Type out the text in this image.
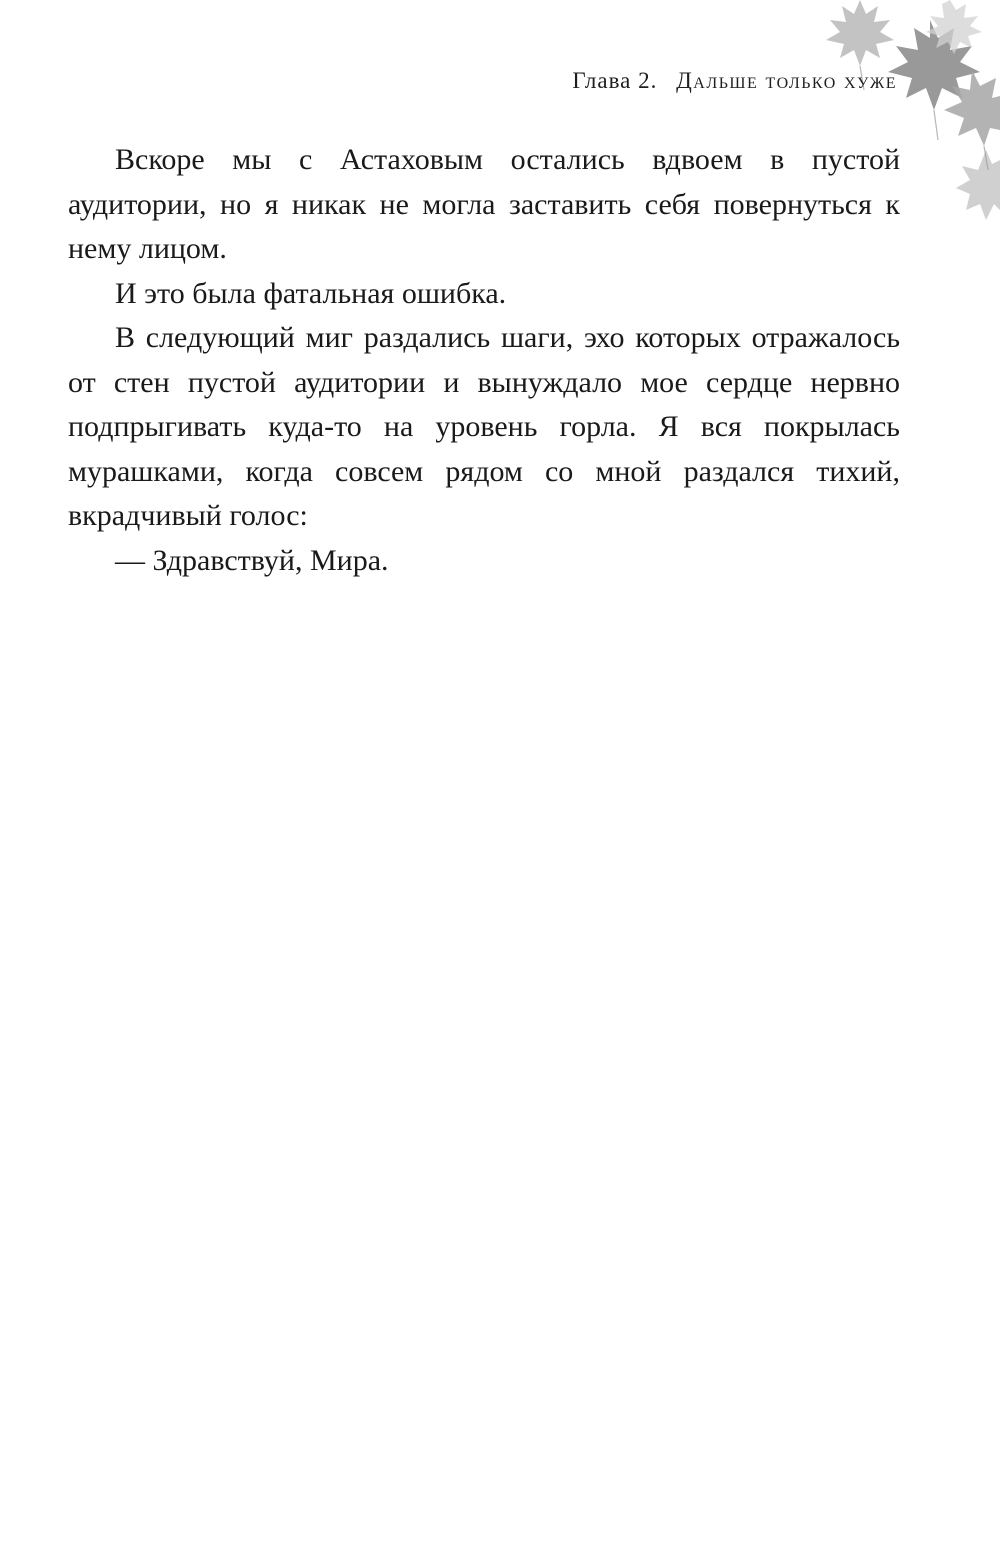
Глава 2. Дальше только хуже

Вскоре мы с Астаховым остались вдвоем в пустой аудитории, но я никак не могла заставить себя повернуться к нему лицом.

И это была фатальная ошибка.

В следующий миг раздались шаги, эхо которых отражалось от стен пустой аудитории и вынуждало мое сердце нервно подпрыгивать куда-то на уровень горла. Я вся покрылась мурашками, когда совсем рядом со мной раздался тихий, вкрадчивый голос:

— Здравствуй, Мира.
